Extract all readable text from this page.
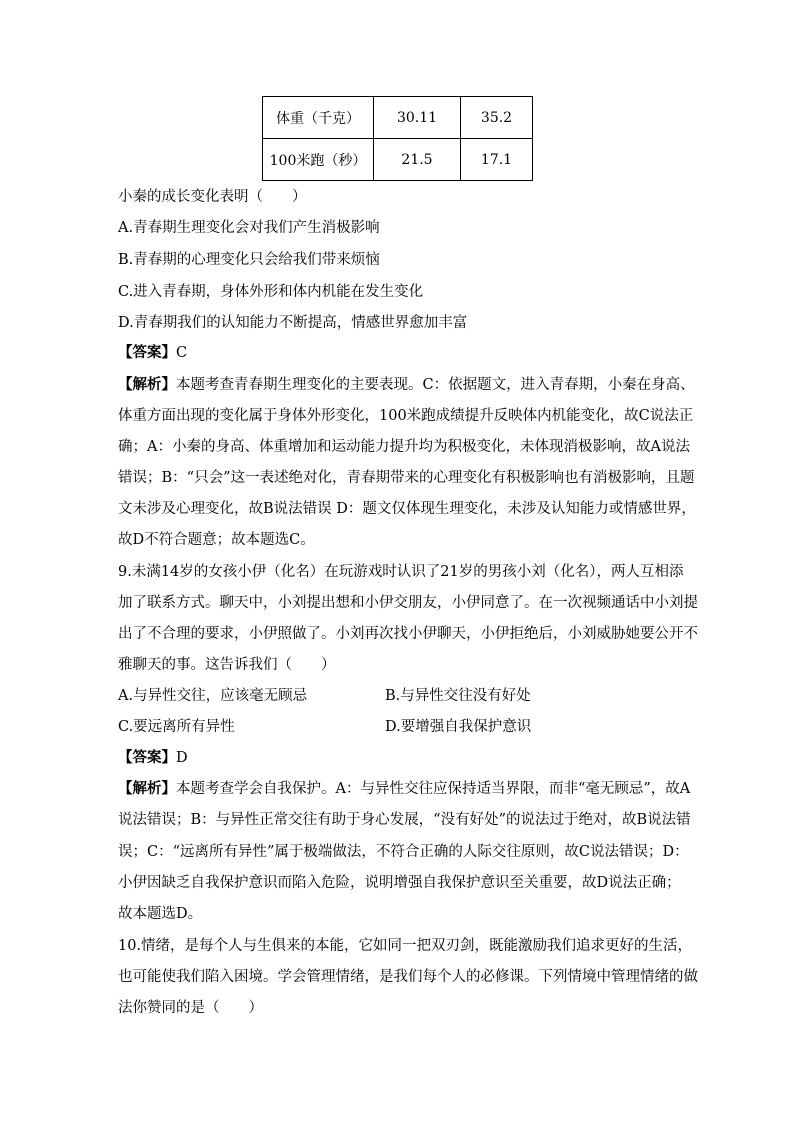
体重（千克）	30.11	35.2
100米跑（秒）	21.5	17.1
小秦的成长变化表明（　　）
A.青春期生理变化会对我们产生消极影响
B.青春期的心理变化只会给我们带来烦恼
C.进入青春期，身体外形和体内机能在发生变化
D.青春期我们的认知能力不断提高，情感世界愈加丰富
【答案】C
【解析】本题考查青春期生理变化的主要表现。C：依据题文，进入青春期，小秦在身高、
体重方面出现的变化属于身体外形变化，100米跑成绩提升反映体内机能变化，故C说法正
确；A：小秦的身高、体重增加和运动能力提升均为积极变化，未体现消极影响，故A说法
错误；B：“只会”这一表述绝对化，青春期带来的心理变化有积极影响也有消极影响，且题
文未涉及心理变化，故B说法错误 D：题文仅体现生理变化，未涉及认知能力或情感世界，
故D不符合题意；故本题选C。
9.未满14岁的女孩小伊（化名）在玩游戏时认识了21岁的男孩小刘（化名），两人互相添
加了联系方式。聊天中，小刘提出想和小伊交朋友，小伊同意了。在一次视频通话中小刘提
出了不合理的要求，小伊照做了。小刘再次找小伊聊天，小伊拒绝后，小刘威胁她要公开不
雅聊天的事。这告诉我们（　　）
A.与异性交往，应该毫无顾忌	B.与异性交往没有好处
C.要远离所有异性	D.要增强自我保护意识
【答案】D
【解析】本题考查学会自我保护。A：与异性交往应保持适当界限，而非“毫无顾忌”，故A
说法错误；B：与异性正常交往有助于身心发展，“没有好处”的说法过于绝对，故B说法错
误；C：“远离所有异性”属于极端做法，不符合正确的人际交往原则，故C说法错误；D：
小伊因缺乏自我保护意识而陷入危险，说明增强自我保护意识至关重要，故D说法正确；
故本题选D。
10.情绪，是每个人与生俱来的本能，它如同一把双刃剑，既能激励我们追求更好的生活，
也可能使我们陷入困境。学会管理情绪，是我们每个人的必修课。下列情境中管理情绪的做
法你赞同的是（　　）
